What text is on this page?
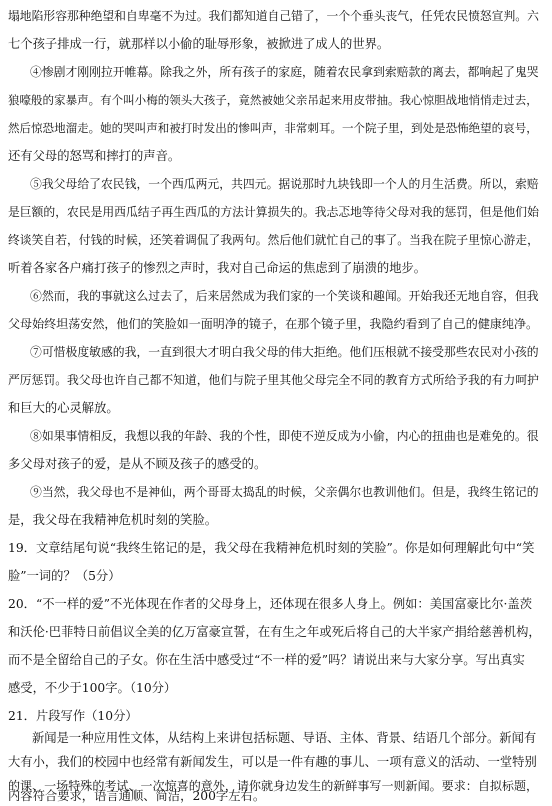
塌地陷形容那种绝望和自卑毫不为过。我们都知道自己错了，一个个垂头丧气，任凭农民愤怒宣判。六
七个孩子排成一行，就那样以小偷的耻辱形象，被掀进了成人的世界。
④惨剧才刚刚拉开帷幕。除我之外，所有孩子的家庭，随着农民拿到索赔款的离去，都响起了鬼哭
狼嚎般的家暴声。有个叫小梅的领头大孩子，竟然被她父亲吊起来用皮带抽。我心惊胆战地悄悄走过去，
然后惊恐地溜走。她的哭叫声和被打时发出的惨叫声，非常刺耳。一个院子里，到处是恐怖绝望的哀号，
还有父母的怒骂和摔打的声音。
⑤我父母给了农民钱，一个西瓜两元，共四元。据说那时九块钱即一个人的月生活费。所以，索赔
是巨额的，农民是用西瓜结子再生西瓜的方法计算损失的。我忐忑地等待父母对我的惩罚，但是他们始
终谈笑自若，付钱的时候，还笑着调侃了我两句。然后他们就忙自己的事了。当我在院子里惊心游走，
听着各家各户痛打孩子的惨烈之声时，我对自己命运的焦虑到了崩溃的地步。
⑥然而，我的事就这么过去了，后来居然成为我们家的一个笑谈和趣闻。开始我还无地自容，但我
父母始终坦荡安然，他们的笑脸如一面明净的镜子，在那个镜子里，我隐约看到了自己的健康纯净。
⑦可惜极度敏感的我，一直到很大才明白我父母的伟大拒绝。他们压根就不接受那些农民对小孩的
严厉惩罚。我父母也许自己都不知道，他们与院子里其他父母完全不同的教育方式所给予我的有力呵护
和巨大的心灵解放。
⑧如果事情相反，我想以我的年龄、我的个性，即使不逆反成为小偷，内心的扭曲也是难免的。很
多父母对孩子的爱，是从不顾及孩子的感受的。
⑨当然，我父母也不是神仙，两个哥哥太捣乱的时候，父亲偶尔也教训他们。但是，我终生铭记的
是，我父母在我精神危机时刻的笑脸。
19．文章结尾句说“我终生铭记的是，我父母在我精神危机时刻的笑脸”。你是如何理解此句中“笑
脸”一词的？（5分）
20．“不一样的爱”不光体现在作者的父母身上，还体现在很多人身上。例如：美国富豪比尔·盖茨
和沃伦·巴菲特日前倡议全美的亿万富豪宣誓，在有生之年或死后将自己的大半家产捐给慈善机构，
而不是全留给自己的子女。你在生活中感受过“不一样的爱”吗？请说出来与大家分享。写出真实
感受，不少于100字。（10分）
21．片段写作（10分）
新闻是一种应用性文体，从结构上来讲包括标题、导语、主体、背景、结语几个部分。新闻有
大有小，我们的校园中也经常有新闻发生，可以是一件有趣的事儿、一项有意义的活动、一堂特别
的课、一场特殊的考试、一次惊喜的意外，请你就身边发生的新鲜事写一则新闻。要求：自拟标题，
内容符合要求，语言通顺、简洁，200字左右。
